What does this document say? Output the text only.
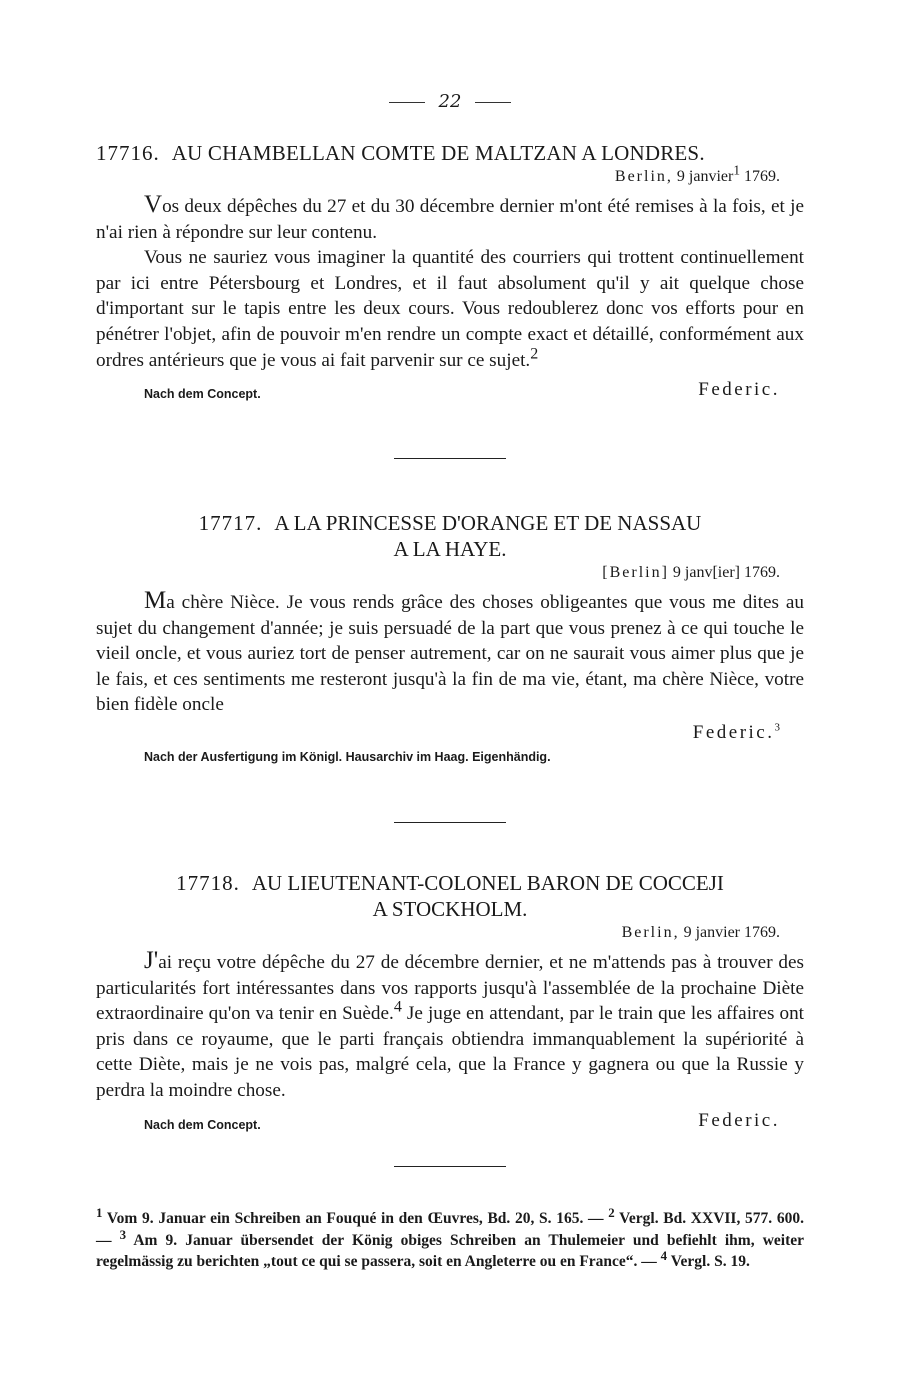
22
17716. AU CHAMBELLAN COMTE DE MALTZAN A LONDRES.
Berlin, 9 janvier$^1$ 1769.

Vos deux dépêches du 27 et du 30 décembre dernier m'ont été remises à la fois, et je n'ai rien à répondre sur leur contenu.

Vous ne sauriez vous imaginer la quantité des courriers qui trottent continuellement par ici entre Pétersbourg et Londres, et il faut absolument qu'il y ait quelque chose d'important sur le tapis entre les deux cours. Vous redoublerez donc vos efforts pour en pénétrer l'objet, afin de pouvoir m'en rendre un compte exact et détaillé, conformément aux ordres antérieurs que je vous ai fait parvenir sur ce sujet.$^2$

Nach dem Concept.	Federic.
17717. A LA PRINCESSE D'ORANGE ET DE NASSAU
A LA HAYE.
[Berlin] 9 janv[ier] 1769.

Ma chère Nièce. Je vous rends grâce des choses obligeantes que vous me dites au sujet du changement d'année; je suis persuadé de la part que vous prenez à ce qui touche le vieil oncle, et vous auriez tort de penser autrement, car on ne saurait vous aimer plus que je le fais, et ces sentiments me resteront jusqu'à la fin de ma vie, étant, ma chère Nièce, votre bien fidèle oncle

Federic.$^3$
Nach der Ausfertigung im Königl. Hausarchiv im Haag. Eigenhändig.
17718. AU LIEUTENANT-COLONEL BARON DE COCCEJI
A STOCKHOLM.
Berlin, 9 janvier 1769.

J'ai reçu votre dépêche du 27 de décembre dernier, et ne m'attends pas à trouver des particularités fort intéressantes dans vos rapports jusqu'à l'assemblée de la prochaine Diète extraordinaire qu'on va tenir en Suède.$^4$ Je juge en attendant, par le train que les affaires ont pris dans ce royaume, que le parti français obtiendra immanquablement la supériorité à cette Diète, mais je ne vois pas, malgré cela, que la France y gagnera ou que la Russie y perdra la moindre chose.

Nach dem Concept.	Federic.
$^1$ Vom 9. Januar ein Schreiben an Fouqué in den Œuvres, Bd. 20, S. 165. — $^2$ Vergl. Bd. XXVII, 577. 600. — $^3$ Am 9. Januar übersendet der König obiges Schreiben an Thulemeier und befiehlt ihm, weiter regelmässig zu berichten „tout ce qui se passera, soit en Angleterre ou en France“. — $^4$ Vergl. S. 19.
